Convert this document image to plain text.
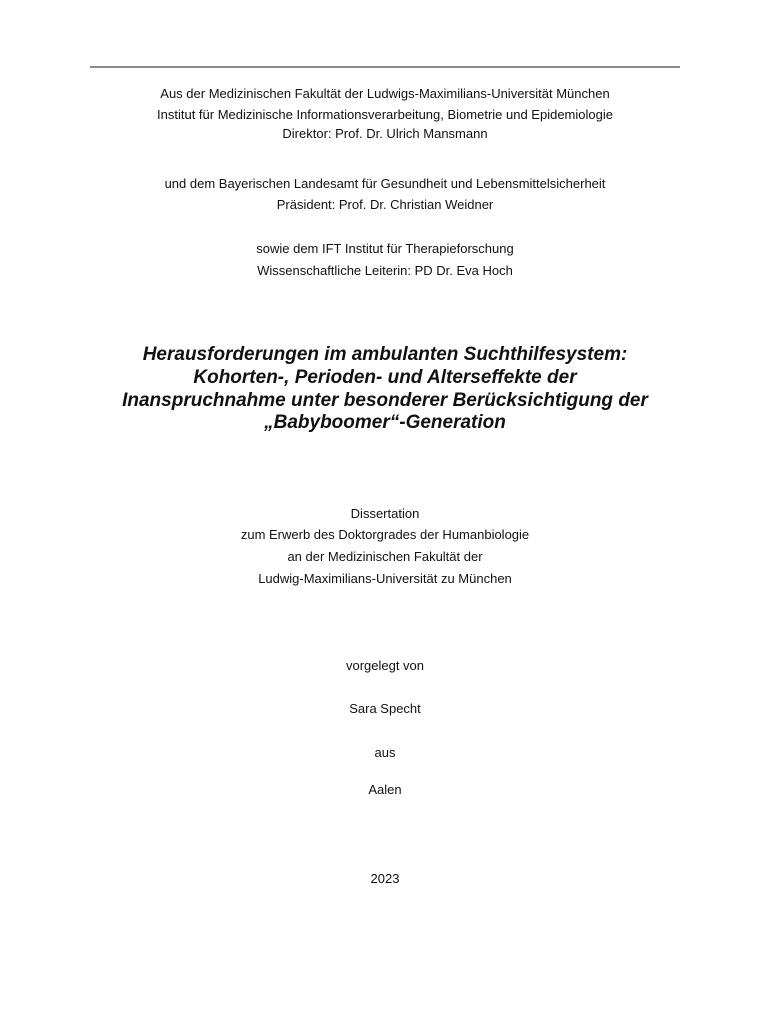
Aus der Medizinischen Fakultät der Ludwigs-Maximilians-Universität München
Institut für Medizinische Informationsverarbeitung, Biometrie und Epidemiologie
Direktor: Prof. Dr. Ulrich Mansmann
und dem Bayerischen Landesamt für Gesundheit und Lebensmittelsicherheit
Präsident: Prof. Dr. Christian Weidner
sowie dem IFT Institut für Therapieforschung
Wissenschaftliche Leiterin: PD Dr. Eva Hoch
Herausforderungen im ambulanten Suchthilfesystem:
Kohorten-, Perioden- und Alterseffekte der
Inanspruchnahme unter besonderer Berücksichtigung der
„Babyboomer“-Generation
Dissertation
zum Erwerb des Doktorgrades der Humanbiologie
an der Medizinischen Fakultät der
Ludwig-Maximilians-Universität zu München
vorgelegt von
Sara Specht
aus
Aalen
2023
